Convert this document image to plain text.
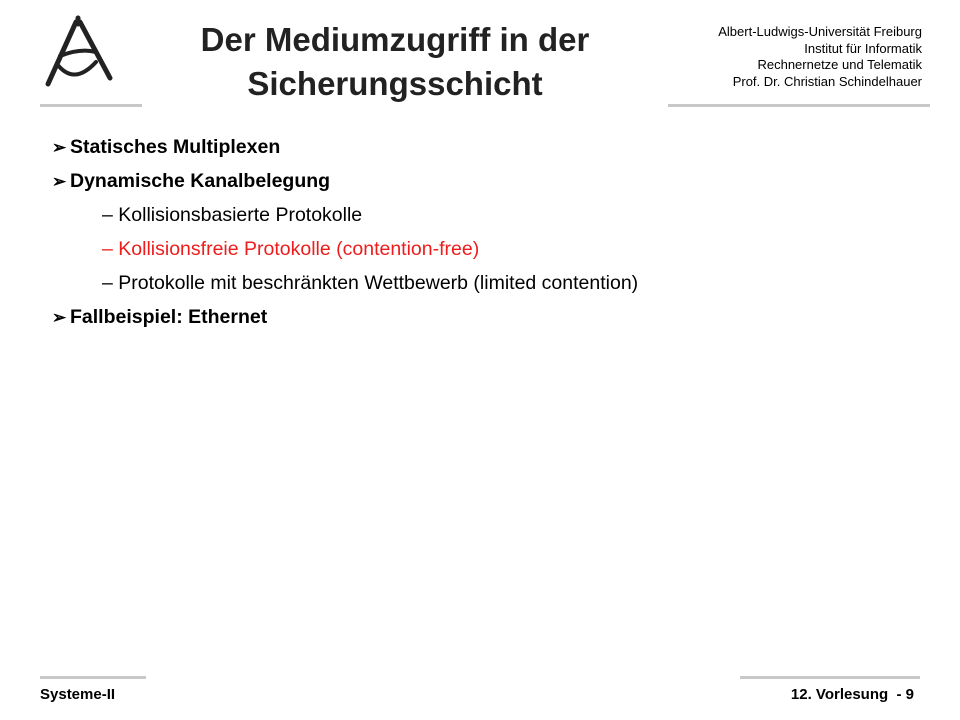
Der Mediumzugriff in der
Sicherungsschicht
Albert-Ludwigs-Universität Freiburg
Institut für Informatik
Rechnernetze und Telematik
Prof. Dr. Christian Schindelhauer
➢ Statisches Multiplexen
➢ Dynamische Kanalbelegung
– Kollisionsbasierte Protokolle
– Kollisionsfreie Protokolle (contention-free)
– Protokolle mit beschränkten Wettbewerb (limited contention)
➢ Fallbeispiel: Ethernet
Systeme-II	12. Vorlesung  - 9
